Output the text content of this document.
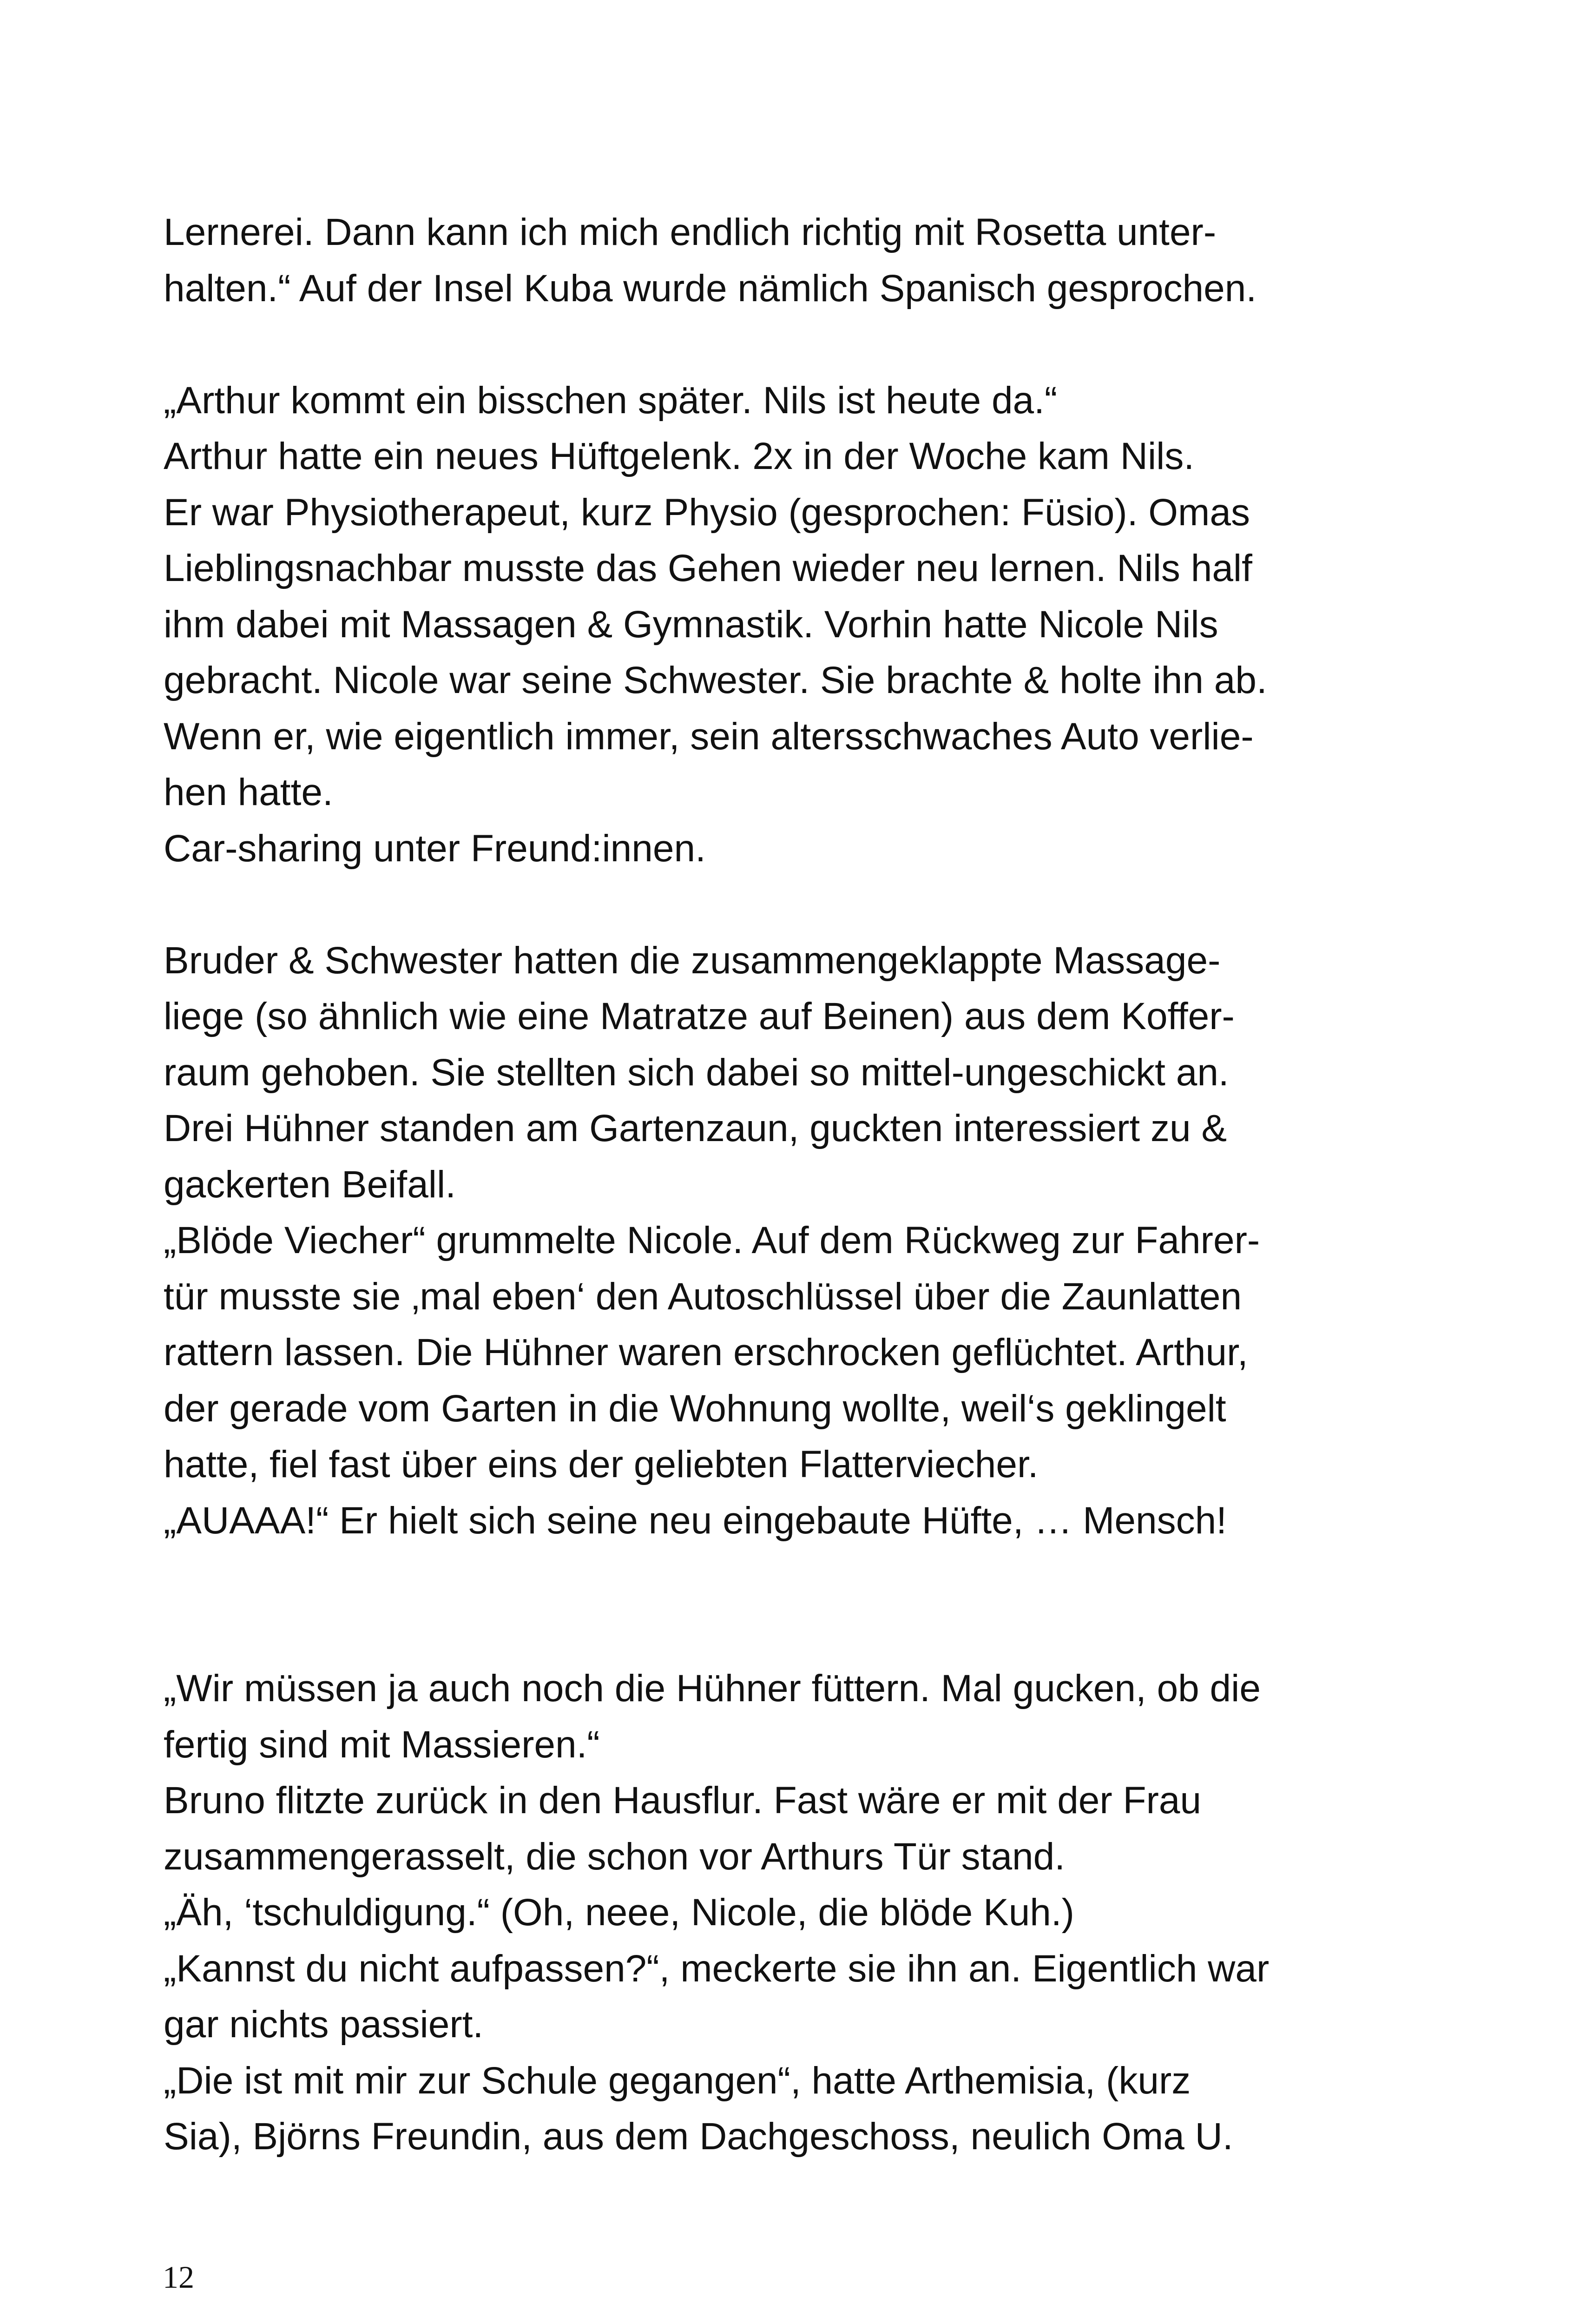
Lernerei. Dann kann ich mich endlich richtig mit Rosetta unter-
halten.“ Auf der Insel Kuba wurde nämlich Spanisch gesprochen.
„Arthur kommt ein bisschen später. Nils ist heute da.“
Arthur hatte ein neues Hüftgelenk. 2x in der Woche kam Nils.
Er war Physiotherapeut, kurz Physio (gesprochen: Füsio). Omas
Lieblingsnachbar musste das Gehen wieder neu lernen. Nils half
ihm dabei mit Massagen & Gymnastik. Vorhin hatte Nicole Nils
gebracht. Nicole war seine Schwester. Sie brachte & holte ihn ab.
Wenn er, wie eigentlich immer, sein altersschwaches Auto verlie-
hen hatte.
Car-sharing unter Freund:innen.
Bruder & Schwester hatten die zusammengeklappte Massage-
liege (so ähnlich wie eine Matratze auf Beinen) aus dem Koffer-
raum gehoben. Sie stellten sich dabei so mittel-ungeschickt an.
Drei Hühner standen am Gartenzaun, guckten interessiert zu &
gackerten Beifall.
„Blöde Viecher“ grummelte Nicole. Auf dem Rückweg zur Fahrer-
tür musste sie ‚mal eben‘ den Autoschlüssel über die Zaunlatten
rattern lassen. Die Hühner waren erschrocken geflüchtet. Arthur,
der gerade vom Garten in die Wohnung wollte, weil‘s geklingelt
hatte, fiel fast über eins der geliebten Flatterviecher.
„AUAAA!“ Er hielt sich seine neu eingebaute Hüfte, … Mensch!
„Wir müssen ja auch noch die Hühner füttern. Mal gucken, ob die
fertig sind mit Massieren.“
Bruno flitzte zurück in den Hausflur. Fast wäre er mit der Frau
zusammengerasselt, die schon vor Arthurs Tür stand.
„Äh, ‘tschuldigung.“ (Oh, neee, Nicole, die blöde Kuh.)
„Kannst du nicht aufpassen?“, meckerte sie ihn an. Eigentlich war
gar nichts passiert.
„Die ist mit mir zur Schule gegangen“, hatte Arthemisia, (kurz
Sia), Björns Freundin, aus dem Dachgeschoss, neulich Oma U.
12
